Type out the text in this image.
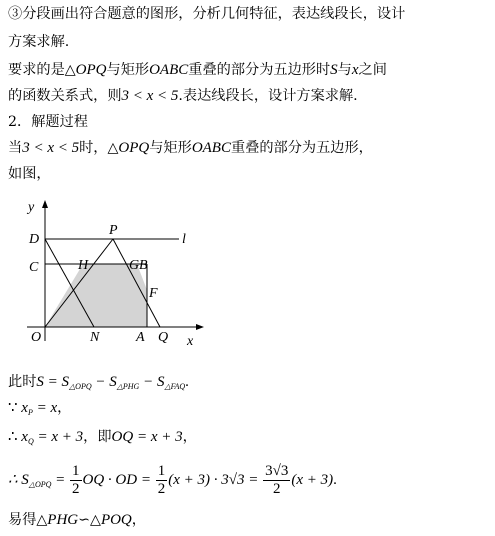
③分段画出符合题意的图形，分析几何特征，表达线段长，设计
方案求解.
要求的是△OPQ与矩形OABC重叠的部分为五边形时S与x之间
的函数关系式，则3 < x < 5.表达线段长，设计方案求解.
2．解题过程
当3 < x < 5时，△OPQ与矩形OABC重叠的部分为五边形，
如图，
y
D
P
l
C	H	G B
F
O	N	A Q x
此时$S = S_{\triangle OPQ} - S_{\triangle PHG} - S_{\triangle FAQ}$.
∵ $x_P = x$，
∴ $x_Q = x + 3$，即OQ = x + 3，
∴ $S_{\triangle OPQ} = \frac{1}{2}$ OQ · OD = $\frac{1}{2} (x + 3) \cdot 3√3 = \frac{3√3}{2} (x + 3)$.
易得△PHG∽△POQ，
